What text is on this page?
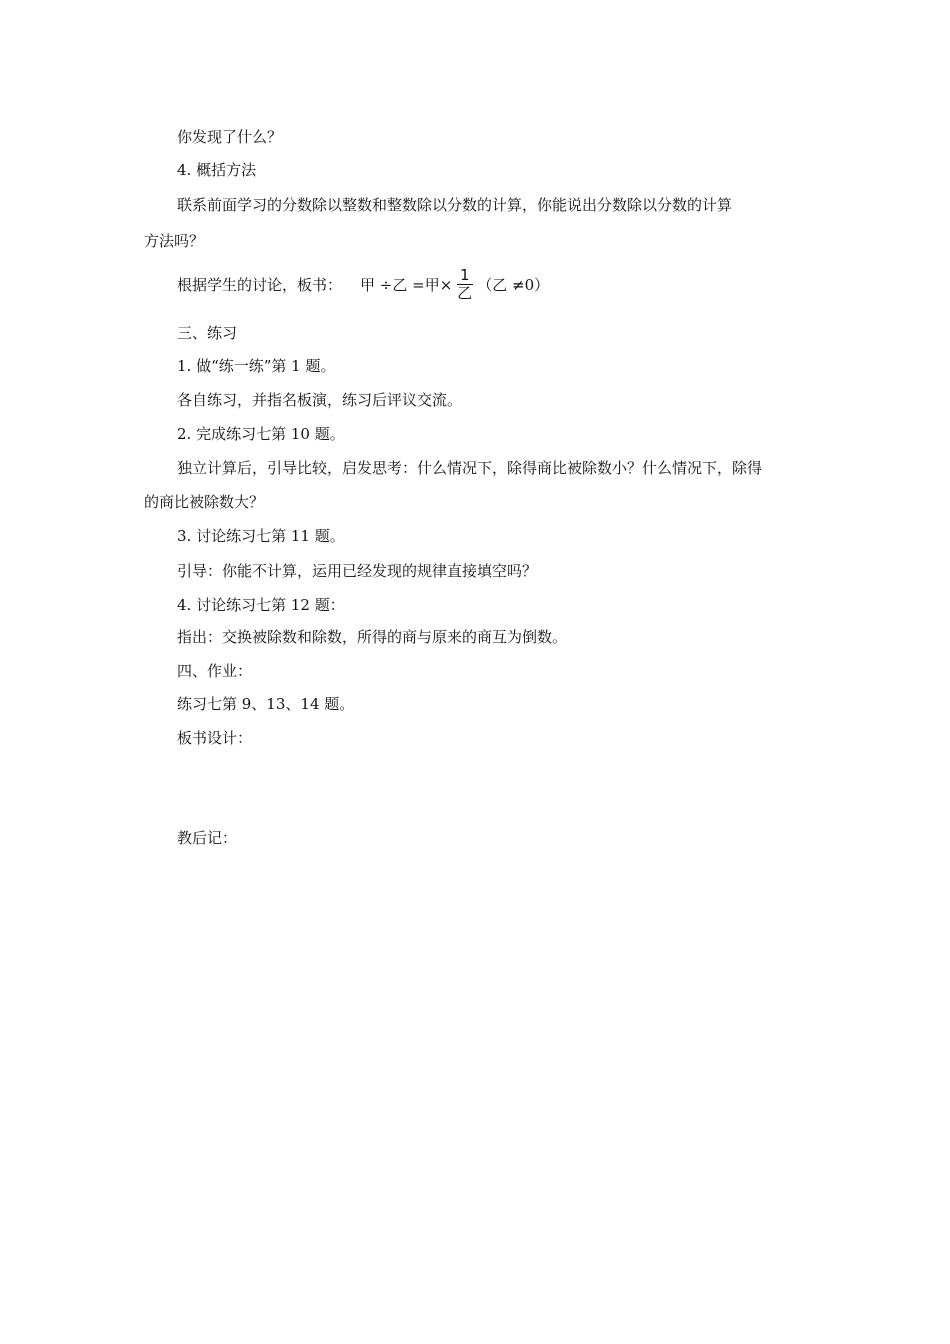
你发现了什么？
4. 概括方法
联系前面学习的分数除以整数和整数除以分数的计算，你能说出分数除以分数的计算
方法吗？
根据学生的讨论，板书： 甲 ÷乙 =甲× $\frac{1}{\text{乙}}$ （乙 ≠0）
三、练习
1. 做“练一练”第 1 题。
各自练习，并指名板演，练习后评议交流。
2. 完成练习七第 10 题。
独立计算后，引导比较，启发思考：什么情况下，除得商比被除数小？什么情况下，除得
的商比被除数大？
3. 讨论练习七第 11 题。
引导：你能不计算，运用已经发现的规律直接填空吗？
4. 讨论练习七第 12 题：
指出：交换被除数和除数，所得的商与原来的商互为倒数。
四、作业：
练习七第 9、13、14 题。
板书设计：
教后记：
